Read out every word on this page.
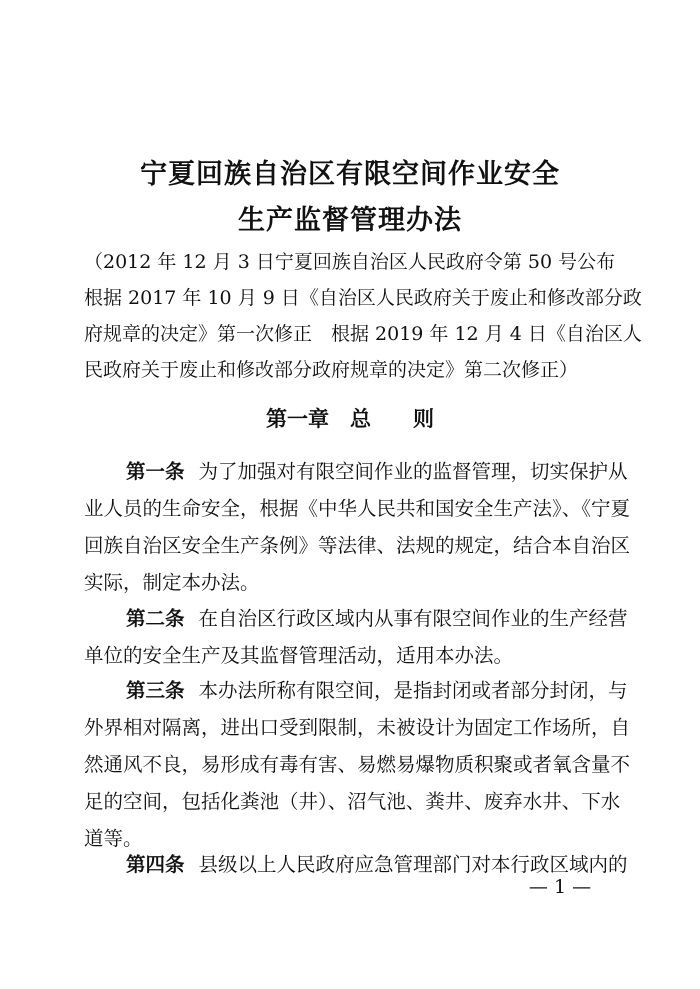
宁夏回族自治区有限空间作业安全
生产监督管理办法
（2012 年 12 月 3 日宁夏回族自治区人民政府令第 50 号公布
根据 2017 年 10 月 9 日《自治区人民政府关于废止和修改部分政
府规章的决定》第一次修正　根据 2019 年 12 月 4 日《自治区人
民政府关于废止和修改部分政府规章的决定》第二次修正）
第一章　总　　则
第一条 为了加强对有限空间作业的监督管理，切实保护从
业人员的生命安全，根据《中华人民共和国安全生产法》、《宁夏
回族自治区安全生产条例》等法律、法规的规定，结合本自治区
实际，制定本办法。
第二条 在自治区行政区域内从事有限空间作业的生产经营
单位的安全生产及其监督管理活动，适用本办法。
第三条 本办法所称有限空间，是指封闭或者部分封闭，与
外界相对隔离，进出口受到限制，未被设计为固定工作场所，自
然通风不良，易形成有毒有害、易燃易爆物质积聚或者氧含量不
足的空间，包括化粪池（井）、沼气池、粪井、废弃水井、下水
道等。
第四条 县级以上人民政府应急管理部门对本行政区域内的
— 1 —
